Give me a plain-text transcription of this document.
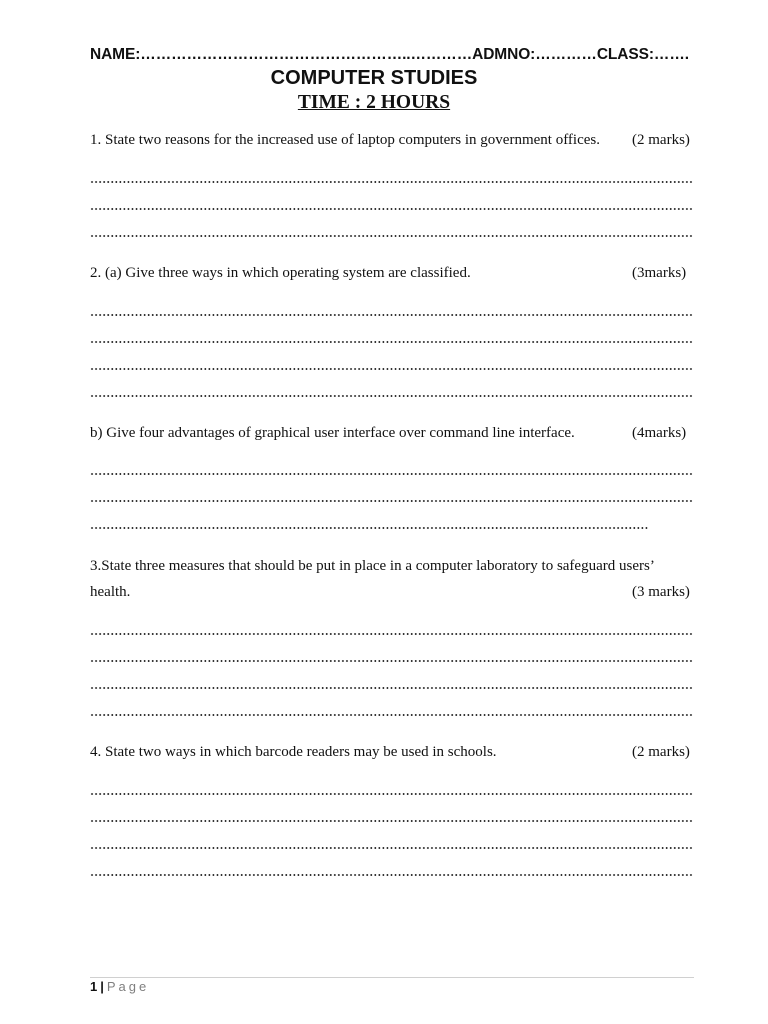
NAME:……………………………………………..…………ADMNO:…………CLASS:…….
COMPUTER STUDIES
TIME : 2 HOURS
1. State two reasons for the increased use of laptop computers in government offices. (2 marks)
2. (a) Give three ways in which operating system are classified.	(3marks)
b) Give four advantages of graphical user interface over command line interface.	(4marks)
3.State three measures that should be put in place in a computer laboratory to safeguard users’
health.	(3 marks)
4. State two ways in which barcode readers may be used in schools.	(2 marks)
1 | Page
